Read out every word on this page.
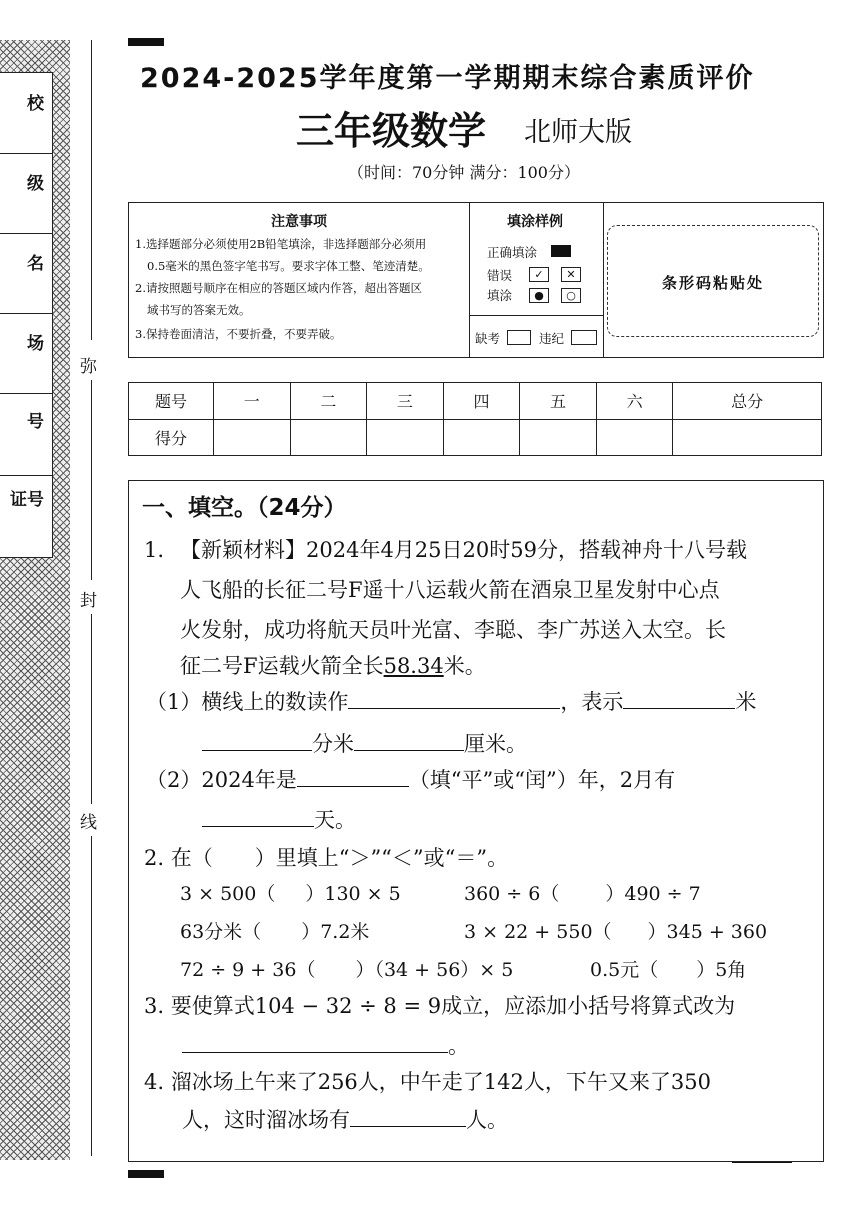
校
级
名
场
号
证号
弥
封
线
2024-2025学年度第一学期期末综合素质评价
三年级数学 北师大版
（时间：70分钟 满分：100分）
注意事项
1.选择题部分必须使用2B铅笔填涂，非选择题部分必须用
0.5毫米的黑色签字笔书写。要求字体工整、笔迹清楚。
2.请按照题号顺序在相应的答题区域内作答，超出答题区
域书写的答案无效。
3.保持卷面清洁，不要折叠，不要弄破。
填涂样例
正确填涂
错误
填涂
✓	✕
●	○
缺考	违纪
条形码粘贴处
题号	一	二	三	四	五	六	总分
得分							
一、填空。（24分）
1. 【新颖材料】2024年4月25日20时59分，搭载神舟十八号载
人飞船的长征二号F遥十八运载火箭在酒泉卫星发射中心点
火发射，成功将航天员叶光富、李聪、李广苏送入太空。长
征二号F运载火箭全长58.34米。
（1）横线上的数读作	，表示	米
分米	厘米。
（2）2024年是	（填“平”或“闰”）年，2月有
天。
2. 在（　　）里填上“＞”“＜”或“＝”。
3 × 500（ ）130 × 5	360 ÷ 6（ ）490 ÷ 7
63分米（ ）7.2米	3 × 22 + 550（ ）345 + 360
72 ÷ 9 + 36（ ）（34 + 56）× 5	0.5元（ ）5角
3. 要使算式104 − 32 ÷ 8 = 9成立，应添加小括号将算式改为
。
4. 溜冰场上午来了256人，中午走了142人，下午又来了350
人，这时溜冰场有	人。
